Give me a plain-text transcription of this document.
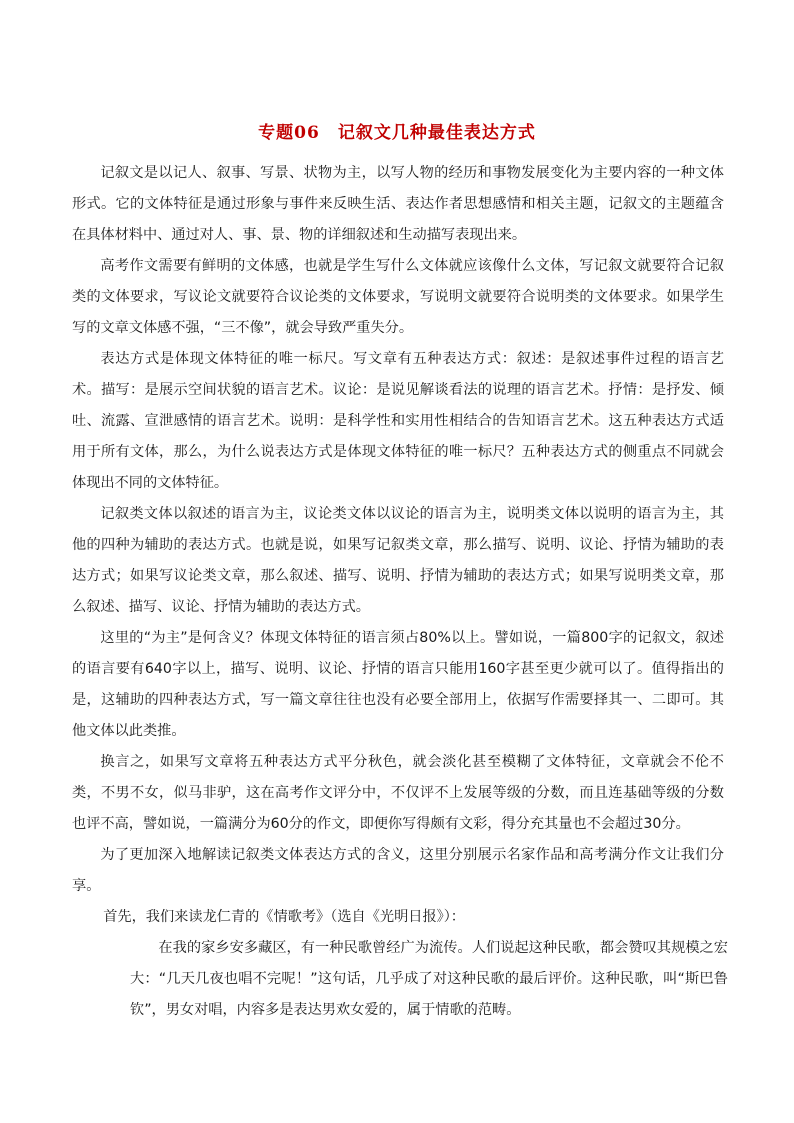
专题06　记叙文几种最佳表达方式

记叙文是以记人、叙事、写景、状物为主，以写人物的经历和事物发展变化为主要内容的一种文体形式。它的文体特征是通过形象与事件来反映生活、表达作者思想感情和相关主题，记叙文的主题蕴含在具体材料中、通过对人、事、景、物的详细叙述和生动描写表现出来。

高考作文需要有鲜明的文体感，也就是学生写什么文体就应该像什么文体，写记叙文就要符合记叙类的文体要求，写议论文就要符合议论类的文体要求，写说明文就要符合说明类的文体要求。如果学生写的文章文体感不强，“三不像”，就会导致严重失分。

表达方式是体现文体特征的唯一标尺。写文章有五种表达方式：叙述：是叙述事件过程的语言艺术。描写：是展示空间状貌的语言艺术。议论：是说见解谈看法的说理的语言艺术。抒情：是抒发、倾吐、流露、宣泄感情的语言艺术。说明：是科学性和实用性相结合的告知语言艺术。这五种表达方式适用于所有文体，那么，为什么说表达方式是体现文体特征的唯一标尺？五种表达方式的侧重点不同就会体现出不同的文体特征。

记叙类文体以叙述的语言为主，议论类文体以议论的语言为主，说明类文体以说明的语言为主，其他的四种为辅助的表达方式。也就是说，如果写记叙类文章，那么描写、说明、议论、抒情为辅助的表达方式；如果写议论类文章，那么叙述、描写、说明、抒情为辅助的表达方式；如果写说明类文章，那么叙述、描写、议论、抒情为辅助的表达方式。

这里的“为主”是何含义？体现文体特征的语言须占80%以上。譬如说，一篇800字的记叙文，叙述的语言要有640字以上，描写、说明、议论、抒情的语言只能用160字甚至更少就可以了。值得指出的是，这辅助的四种表达方式，写一篇文章往往也没有必要全部用上，依据写作需要择其一、二即可。其他文体以此类推。

换言之，如果写文章将五种表达方式平分秋色，就会淡化甚至模糊了文体特征，文章就会不伦不类，不男不女，似马非驴，这在高考作文评分中，不仅评不上发展等级的分数，而且连基础等级的分数也评不高，譬如说，一篇满分为60分的作文，即便你写得颇有文彩，得分充其量也不会超过30分。

为了更加深入地解读记叙类文体表达方式的含义，这里分别展示名家作品和高考满分作文让我们分享。

首先，我们来读龙仁青的《情歌考》（选自《光明日报》）：

在我的家乡安多藏区，有一种民歌曾经广为流传。人们说起这种民歌，都会赞叹其规模之宏大：“几天几夜也唱不完呢！”这句话，几乎成了对这种民歌的最后评价。这种民歌，叫“斯巴鲁钦”，男女对唱，内容多是表达男欢女爱的，属于情歌的范畴。
